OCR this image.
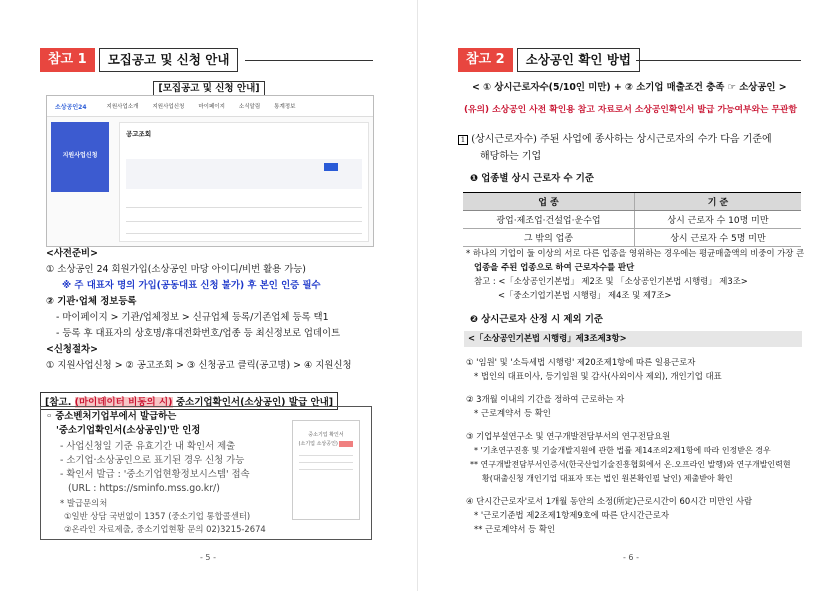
참고 1	모집공고 및 신청 안내
[모집공고 및 신청 안내]
소상공인24	지원사업소개	지원사업신청	마이페이지	소식알림	통계정보
지원사업신청
공고조회
<사전준비>
① 소상공인 24 회원가입(소상공인 마당 아이디/비번 활용 가능)
※ 주 대표자 명의 가입(공동대표 신청 불가) 후 본인 인증 필수
② 기관·업체 정보등록
- 마이페이지 > 기관/업체정보 > 신규업체 등록/기존업체 등록 택1
- 등록 후 대표자의 상호명/휴대전화번호/업종 등 최신정보로 업데이트
<신청절차>
① 지원사업신청 > ② 공고조회 > ③ 신청공고 클릭(공고명) > ④ 지원신청
[참고. (마이데이터 비동의 시) 중소기업확인서(소상공인) 발급 안내]
◦ 중소벤처기업부에서 발급하는
'중소기업확인서(소상공인)'만 인정
- 사업신청일 기준 유효기간 내 확인서 제출
- 소기업·소상공인으로 표기된 경우 신청 가능
- 확인서 발급 : '중소기업현황정보시스템' 접속
(URL : https://sminfo.mss.go.kr/)
* 발급문의처
①일반 상담 국번없이 1357 (중소기업 통합콜센터)
②온라인 자료제출, 중소기업현황 문의 02)3215-2674
중소기업 확인서
(소기업 소상공인)
- 5 -
참고 2	소상공인 확인 방법
< ① 상시근로자수(5/10인 미만) + ② 소기업 매출조건 충족 ☞ 소상공인 >
(유의) 소상공인 사전 확인용 참고 자료로서 소상공인확인서 발급 가능여부와는 무관함
1 (상시근로자수) 주된 사업에 종사하는 상시근로자의 수가 다음 기준에
해당하는 기업
❶ 업종별 상시 근로자 수 기준
* 하나의 기업이 둘 이상의 서로 다른 업종을 영위하는 경우에는 평균매출액의 비중이 가장 큰
업종을 주된 업종으로 하여 근로자수를 판단
참고 : <「소상공인기본법」 제2조 및 「소상공인기본법 시행령」 제3조>
<「중소기업기본법 시행령」 제4조 및 제7조>
❷ 상시근로자 산정 시 제외 기준
<「소상공인기본법 시행령」제3조제3항>
① '임원' 및 '소득세법 시행령' 제20조제1항에 따른 일용근로자
* 법인의 대표이사, 등기임원 및 감사(사외이사 제외), 개인기업 대표
② 3개월 이내의 기간을 정하여 근로하는 자
* 근로계약서 등 확인
③ 기업부설연구소 및 연구개발전담부서의 연구전담요원
* '기초연구진흥 및 기술개발지원에 관한 법률 제14조의2제1항에 따라 인정받은 경우
** 연구개발전담부서인증서(한국산업기술진흥협회에서 온.오프라인 발행)와 연구개발인력현
황(대출신청 개인기업 대표자 또는 법인 원본확인필 날인) 제출받아 확인
④ 단시간근로자'로서 1개월 동안의 소정(所定)근로시간이 60시간 미만인 사람
* '근로기준법 제2조제1항제9호에 따른 단시간근로자
** 근로계약서 등 확인
- 6 -
업 종	기 준
광업·제조업·건설업·운수업	상시 근로자 수 10명 미만
그 밖의 업종	상시 근로자 수 5명 미만
